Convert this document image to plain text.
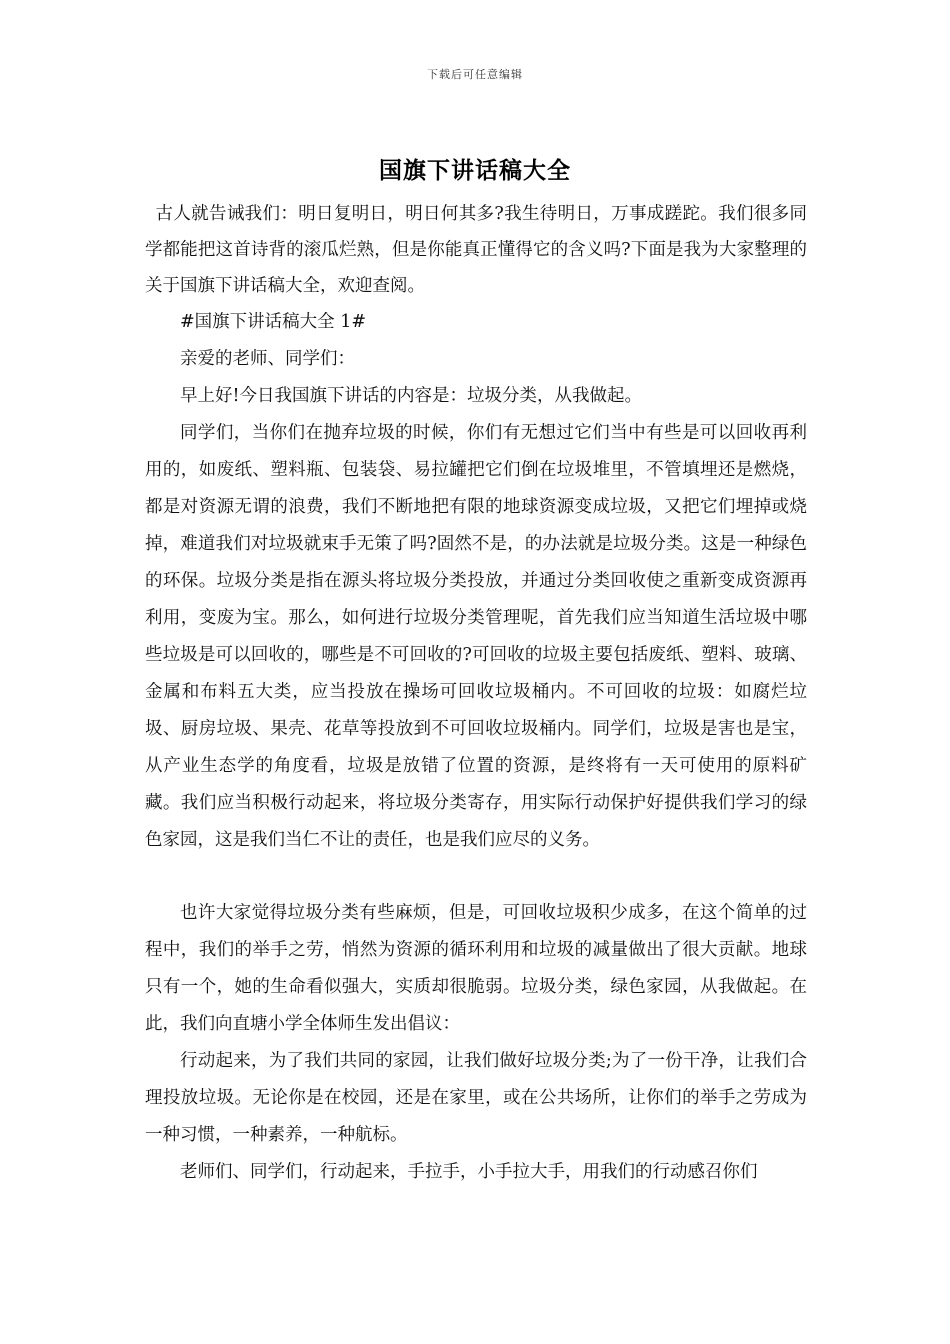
下载后可任意编辑
国旗下讲话稿大全

古人就告诫我们：明日复明日，明日何其多?我生待明日，万事成蹉跎。我们很多同学都能把这首诗背的滚瓜烂熟，但是你能真正懂得它的含义吗?下面是我为大家整理的关于国旗下讲话稿大全，欢迎查阅。

#国旗下讲话稿大全 1#

亲爱的老师、同学们：

早上好!今日我国旗下讲话的内容是：垃圾分类，从我做起。

同学们，当你们在抛弃垃圾的时候，你们有无想过它们当中有些是可以回收再利用的，如废纸、塑料瓶、包装袋、易拉罐把它们倒在垃圾堆里，不管填埋还是燃烧，都是对资源无谓的浪费，我们不断地把有限的地球资源变成垃圾，又把它们埋掉或烧掉，难道我们对垃圾就束手无策了吗?固然不是，的办法就是垃圾分类。这是一种绿色的环保。垃圾分类是指在源头将垃圾分类投放，并通过分类回收使之重新变成资源再利用，变废为宝。那么，如何进行垃圾分类管理呢，首先我们应当知道生活垃圾中哪些垃圾是可以回收的，哪些是不可回收的?可回收的垃圾主要包括废纸、塑料、玻璃、金属和布料五大类，应当投放在操场可回收垃圾桶内。不可回收的垃圾：如腐烂垃圾、厨房垃圾、果壳、花草等投放到不可回收垃圾桶内。同学们，垃圾是害也是宝，从产业生态学的角度看，垃圾是放错了位置的资源，是终将有一天可使用的原料矿藏。我们应当积极行动起来，将垃圾分类寄存，用实际行动保护好提供我们学习的绿色家园，这是我们当仁不让的责任，也是我们应尽的义务。

也许大家觉得垃圾分类有些麻烦，但是，可回收垃圾积少成多，在这个简单的过程中，我们的举手之劳，悄然为资源的循环利用和垃圾的减量做出了很大贡献。地球只有一个，她的生命看似强大，实质却很脆弱。垃圾分类，绿色家园，从我做起。在此，我们向直塘小学全体师生发出倡议：

行动起来，为了我们共同的家园，让我们做好垃圾分类;为了一份干净，让我们合理投放垃圾。无论你是在校园，还是在家里，或在公共场所，让你们的举手之劳成为一种习惯，一种素养，一种航标。

老师们、同学们，行动起来，手拉手，小手拉大手，用我们的行动感召你们
